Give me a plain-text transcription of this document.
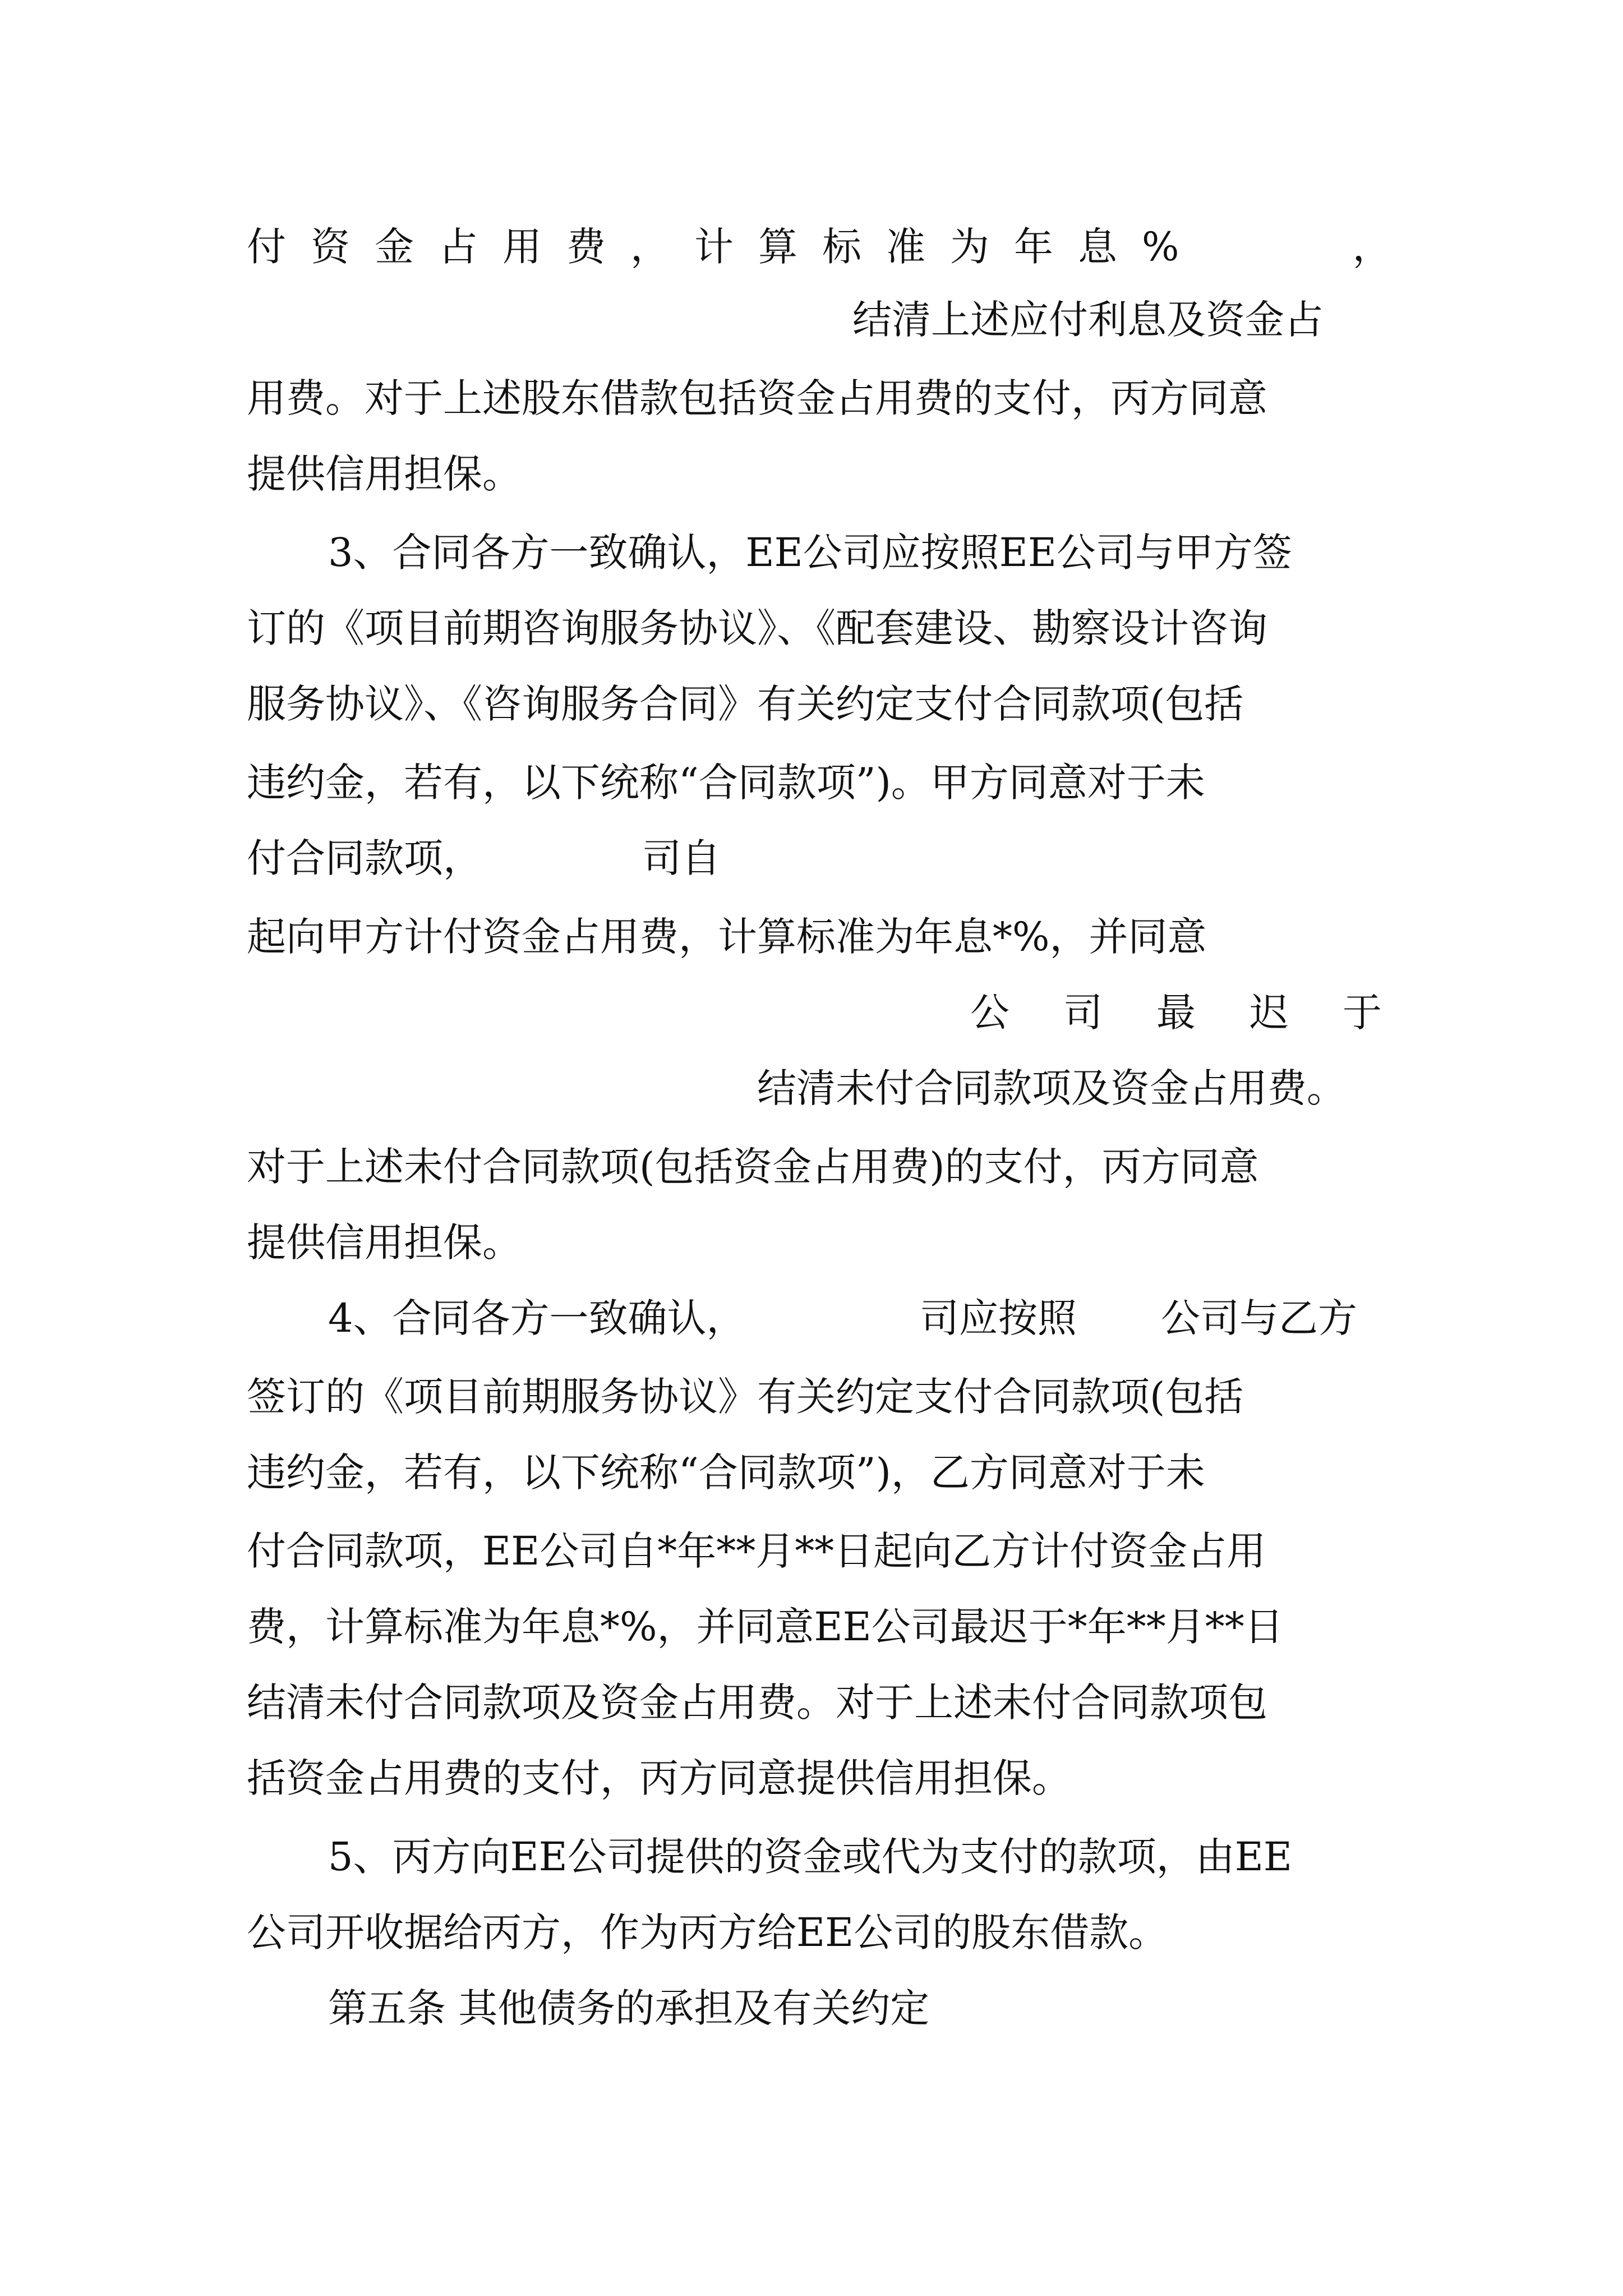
付资金占用费，计算标准为年息%    ，

结清上述应付利息及资金占

用费。对于上述股东借款包括资金占用费的支付，丙方同意

提供信用担保。

3、合同各方一致确认，EE公司应按照EE公司与甲方签

订的《项目前期咨询服务协议》、《配套建设、勘察设计咨询

服务协议》、《咨询服务合同》有关约定支付合同款项(包括

违约金，若有，以下统称“合同款项”)。甲方同意对于未

付合同款项，	司自

起向甲方计付资金占用费，计算标准为年息*%，并同意

公司最迟于

结清未付合同款项及资金占用费。

对于上述未付合同款项(包括资金占用费)的支付，丙方同意

提供信用担保。

4、合同各方一致确认，	司应按照 公司与乙方

签订的《项目前期服务协议》有关约定支付合同款项(包括

违约金，若有，以下统称“合同款项”)，乙方同意对于未

付合同款项，EE公司自*年**月**日起向乙方计付资金占用

费，计算标准为年息*%，并同意EE公司最迟于*年**月**日

结清未付合同款项及资金占用费。对于上述未付合同款项包

括资金占用费的支付，丙方同意提供信用担保。

5、丙方向EE公司提供的资金或代为支付的款项，由EE

公司开收据给丙方，作为丙方给EE公司的股东借款。

第五条 其他债务的承担及有关约定
